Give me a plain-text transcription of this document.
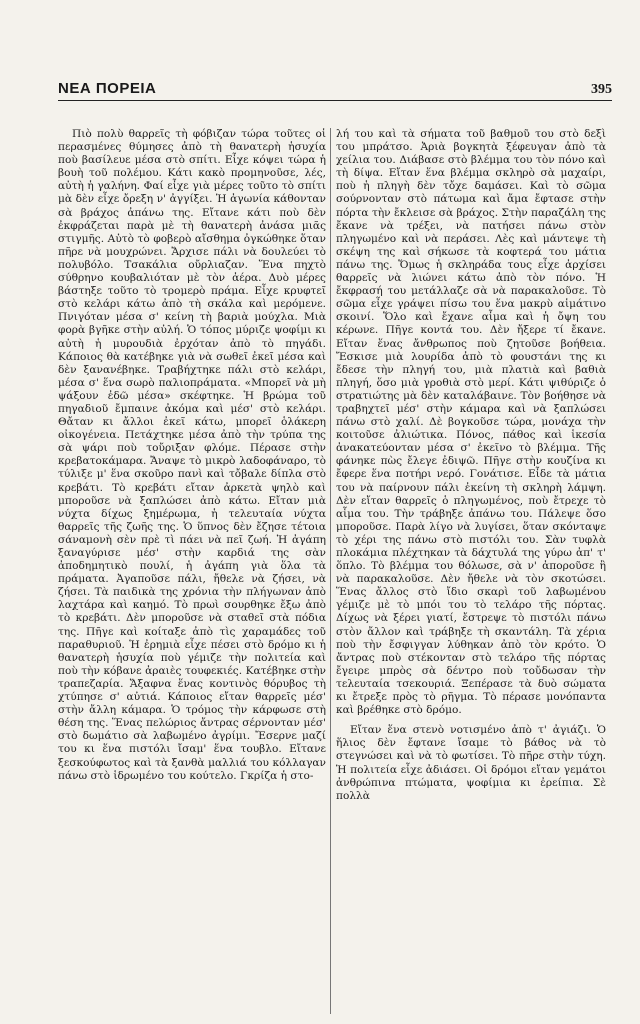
ΝΕΑ ΠΟΡΕΙΑ	395

Πιὸ πολὺ θαρρεῖς τὴ φόβιζαν τώρα τοῦτες οἱ περασμένες θύμησες ἀπὸ τὴ θανατερὴ ἡσυχία ποὺ βασίλευε μέσα στὸ σπίτι. Εἶχε κόψει τώρα ἡ βουὴ τοῦ πολέμου. Κάτι κακὸ προμηνοῦσε, λές, αὐτὴ ἡ γαλήνη. Φαί εἶχε γιὰ μέρες τοῦτο τὸ σπίτι μὰ δὲν εἶχε ὄρεξη ν' ἀγγίξει. Ἡ ἀγωνία κάθονταν σὰ βράχος ἀπάνω της. Εἴτανε κάτι ποὺ δὲν ἐκφράζεται παρὰ μὲ τὴ θανατερὴ ἀνάσα μιᾶς στιγμῆς. Αὐτὸ τὸ φοβερὸ αἴσθημα ὀγκώθηκε ὅταν πῆρε νὰ μουχρώνει. Ἄρχισε πάλι νὰ δουλεύει τὸ πολυβόλο. Τσακάλια οὔρλιαζαν. Ἕνα πηχτὸ σύθρηνο κουβαλιόταν μὲ τὸν ἀέρα. Δυὸ μέρες βάστηξε τοῦτο τὸ τρομερὸ πράμα. Εἶχε κρυφτεῖ στὸ κελάρι κάτω ἀπὸ τὴ σκάλα καὶ μερόμενε. Πνιγόταν μέσα σ' κείνη τὴ βαριὰ μούχλα. Μιὰ φορὰ βγῆκε στὴν αὐλή. Ὁ τόπος μύριζε ψοφίμι κι αὐτὴ ἡ μυρουδιὰ ἐρχόταν ἀπὸ τὸ πηγάδι. Κάποιος θὰ κατέβηκε γιὰ νὰ σωθεῖ ἐκεῖ μέσα καὶ δὲν ξανανέβηκε. Τραβήχτηκε πάλι στὸ κελάρι, μέσα σ' ἕνα σωρὸ παλιοπράματα. «Μπορεῖ νὰ μὴ ψάξουν ἐδῶ μέσα» σκέφτηκε. Ἡ βρώμα τοῦ πηγαδιοῦ ἔμπαινε ἀκόμα καὶ μέσ' στὸ κελάρι. Θἄταν κι ἄλλοι ἐκεῖ κάτω, μπορεῖ ὁλάκερη οἰκογένεια. Πετάχτηκε μέσα ἀπὸ τὴν τρύπα της σὰ ψάρι ποὺ τοὔριξαν φλόμε. Πέρασε στὴν κρεβατοκάμαρα. Ἄναψε τὸ μικρὸ λαδοφάναρο, τὸ τύλιξε μ' ἕνα σκοῦρο πανὶ καὶ τὄβαλε δίπλα στὸ κρεβάτι. Τὸ κρεβάτι εἴταν ἀρκετὰ ψηλὸ καὶ μποροῦσε νὰ ξαπλώσει ἀπὸ κάτω. Εἴταν μιὰ νύχτα δίχως ξημέρωμα, ἡ τελευταία νύχτα θαρρεῖς τῆς ζωῆς της. Ὁ ὕπνος δὲν ἔζησε τέτοια σάναμονὴ σὲν πρὲ τὶ πάει νὰ πεῖ ζωή. Ἡ ἀγάπη ξαναγύρισε μέσ' στὴν καρδιά της σὰν ἀποδημητικὸ πουλί, ἡ ἀγάπη γιὰ ὅλα τὰ πράματα. Ἀγαποῦσε πάλι, ἤθελε νὰ ζήσει, νὰ ζήσει. Τὰ παιδικὰ της χρόνια τὴν πλήγωναν ἀπὸ λαχτάρα καὶ καημό. Τὸ πρωὶ σουρθηκε ἔξω ἀπὸ τὸ κρεβάτι. Δὲν μποροῦσε νὰ σταθεῖ στὰ πόδια της. Πῆγε καὶ κοίταξε ἀπὸ τὶς χαραμάδες τοῦ παραθυριοῦ. Ἡ ἐρημιὰ εἶχε πέσει στὸ δρόμο κι ἡ θανατερὴ ἡσυχία ποὺ γέμιζε τὴν πολιτεία καὶ ποὺ τὴν κόβανε ἀραιὲς τουφεκιές. Κατέβηκε στὴν τραπεζαρία. Ἄξαφνα ἕνας κοντινὸς θόρυβος τὴ χτύπησε σ' αὐτιά. Κάποιος εἴταν θαρρεῖς μέσ' στὴν ἄλλη κάμαρα. Ὁ τρόμος τὴν κάρφωσε στὴ θέση της. Ἕνας πελώριος ἄντρας σέρνονταν μέσ' στὸ δωμάτιο σὰ λαβωμένο ἀγρίμι. Ἔσερνε μαζί του κι ἕνα πιστόλι ἴσαμ' ἕνα τουβλο. Εἴτανε ξεσκούφωτος καὶ τὰ ξανθὰ μαλλιά του κόλλαγαν πάνω στὸ ἱδρωμένο του κούτελο. Γκρίζα ἡ στο-

λή του καὶ τὰ σήματα τοῦ βαθμοῦ του στὸ δεξὶ του μπράτσο. Ἀριὰ βογκητὰ ξέφευγαν ἀπὸ τὰ χείλια του. Διάβασε στὸ βλέμμα του τὸν πόνο καὶ τὴ δίψα. Εἴταν ἕνα βλέμμα σκληρὸ σὰ μαχαίρι, ποὺ ἡ πληγὴ δὲν τὄχε δαμάσει. Καὶ τὸ σῶμα σούρνονταν στὸ πάτωμα καὶ ἄμα ἔφτασε στὴν πόρτα τὴν ἔκλεισε σὰ βράχος. Στὴν παραζάλη της ἔκανε νὰ τρέξει, νὰ πατήσει πάνω στὸν πληγωμένο καὶ νὰ περάσει. Λὲς καὶ μάντεψε τὴ σκέψη της καὶ σήκωσε τὰ κοφτερά του μάτια πάνω της. Ὅμως ἡ σκληράδα τους εἶχε ἀρχίσει θαρρεῖς νὰ λιώνει κάτω ἀπὸ τὸν πόνο. Ἡ ἔκφρασή του μετάλλαζε σὰ νὰ παρακαλοῦσε. Τὸ σῶμα εἶχε γράψει πίσω του ἕνα μακρὺ αἱμάτινο σκοινί. Ὅλο καὶ ἔχανε αἷμα καὶ ἡ ὄψη του κέρωνε. Πῆγε κοντά του. Δὲν ἤξερε τί ἔκανε. Εἴταν ἕνας ἄνθρωπος ποὺ ζητοῦσε βοήθεια. Ἔσκισε μιὰ λουρίδα ἀπὸ τὸ φουστάνι της κι ἔδεσε τὴν πληγή του, μιὰ πλατιὰ καὶ βαθιὰ πληγή, ὅσο μιὰ γροθιὰ στὸ μερί. Κάτι ψιθύριζε ὁ στρατιώτης μὰ δὲν καταλάβαινε. Τὸν βοήθησε νὰ τραβηχτεῖ μέσ' στὴν κάμαρα καὶ νὰ ξαπλώσει πάνω στὸ χαλί. Δὲ βογκοῦσε τώρα, μονάχα τὴν κοιτοῦσε ἀλιώτικα. Πόνος, πάθος καὶ ἱκεσία ἀνακατεύονταν μέσα σ' ἐκεῖνο τὸ βλέμμα. Τῆς φάνηκε πὼς ἔλεγε ἐδιψῶ. Πῆγε στὴν κουζίνα κι ἔφερε ἕνα ποτήρι νερό. Γονάτισε. Εἶδε τὰ μάτια του νὰ παίρνουν πάλι ἐκείνη τὴ σκληρὴ λάμψη. Δὲν εἴταν θαρρεῖς ὁ πληγωμένος, ποὺ ἔτρεχε τὸ αἷμα του. Τὴν τράβηξε ἀπάνω του. Πάλεψε ὅσο μποροῦσε. Παρὰ λίγο νὰ λυγίσει, ὅταν σκόνταψε τὸ χέρι της πάνω στὸ πιστόλι του. Σὰν τυφλὰ πλοκάμια πλέχτηκαν τὰ δάχτυλά της γύρω ἀπ' τ' ὅπλο. Τὸ βλέμμα του θόλωσε, σὰ ν' ἀποροῦσε ἢ νὰ παρακαλοῦσε. Δὲν ἤθελε νὰ τὸν σκοτώσει. Ἕνας ἄλλος στὸ ἴδιο σκαρὶ τοῦ λαβωμένου γέμιζε μὲ τὸ μπόι του τὸ τελάρο τῆς πόρτας. Δίχως νὰ ξέρει γιατί, ἔστρεψε τὸ πιστόλι πάνω στὸν ἄλλον καὶ τράβηξε τὴ σκαντάλη. Τὰ χέρια ποὺ τὴν ἔσφιγγαν λύθηκαν ἀπὸ τὸν κρότο. Ὁ ἄντρας ποὺ στέκονταν στὸ τελάρο τῆς πόρτας ἔγειρε μπρὸς σὰ δέντρο ποὺ τοὔδωσαν τὴν τελευταία τσεκουριά. Ξεπέρασε τὰ δυὸ σώματα κι ἔτρεξε πρὸς τὸ ρῆγμα. Τὸ πέρασε μονόπαντα καὶ βρέθηκε στὸ δρόμο.

Εἴταν ἕνα στενὸ νοτισμένο ἀπὸ τ' ἀγιάζι. Ὁ ἥλιος δὲν ἔφτανε ἴσαμε τὸ βάθος νὰ τὸ στεγνώσει καὶ νὰ τὸ φωτίσει. Τὸ πῆρε στὴν τύχη. Ἡ πολιτεία εἶχε ἀδιάσει. Οἱ δρόμοι εἴταν γεμάτοι ἀνθρώπινα πτώματα, ψοφίμια κι ἐρείπια. Σὲ πολλὰ
